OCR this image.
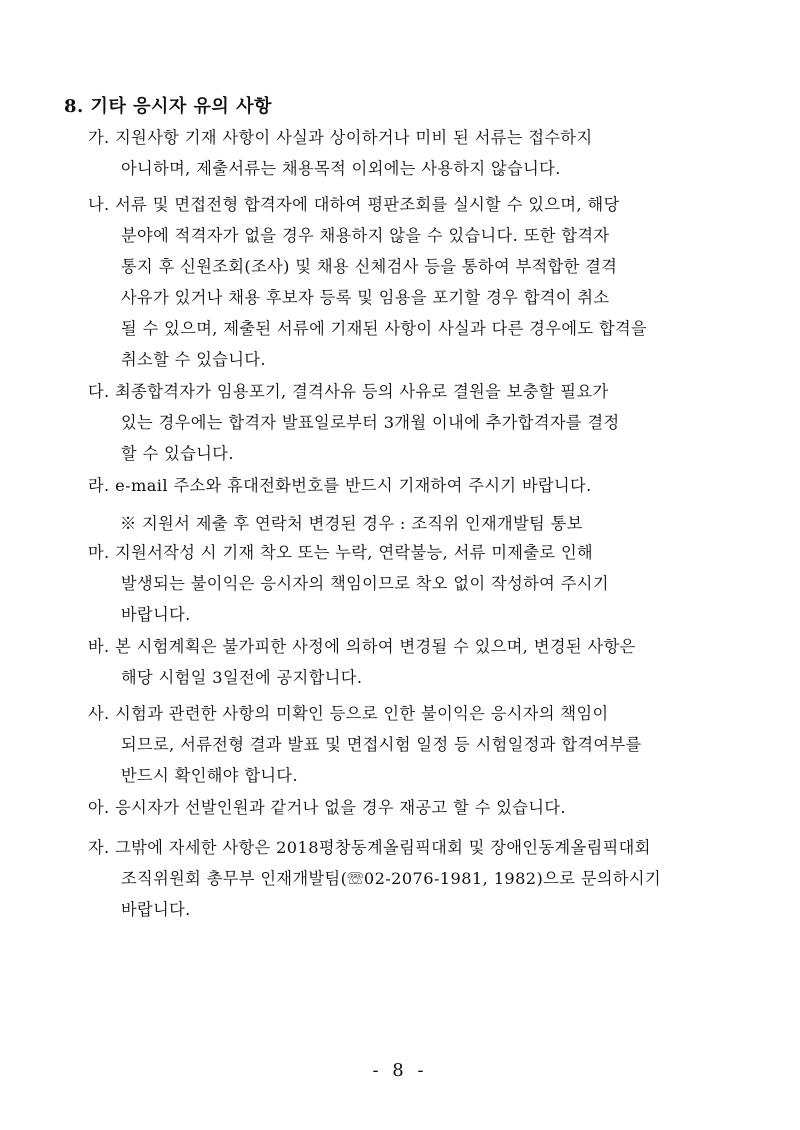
8. 기타 응시자 유의 사항
가. 지원사항 기재 사항이 사실과 상이하거나 미비 된 서류는 접수하지
아니하며, 제출서류는 채용목적 이외에는 사용하지 않습니다.
나. 서류 및 면접전형 합격자에 대하여 평판조회를 실시할 수 있으며, 해당
분야에 적격자가 없을 경우 채용하지 않을 수 있습니다. 또한 합격자
통지 후 신원조회(조사) 및 채용 신체검사 등을 통하여 부적합한 결격
사유가 있거나 채용 후보자 등록 및 임용을 포기할 경우 합격이 취소
될 수 있으며, 제출된 서류에 기재된 사항이 사실과 다른 경우에도 합격을
취소할 수 있습니다.
다. 최종합격자가 임용포기, 결격사유 등의 사유로 결원을 보충할 필요가
있는 경우에는 합격자 발표일로부터 3개월 이내에 추가합격자를 결정
할 수 있습니다.
라. e-mail 주소와 휴대전화번호를 반드시 기재하여 주시기 바랍니다.
※ 지원서 제출 후 연락처 변경된 경우 : 조직위 인재개발팀 통보
마. 지원서작성 시 기재 착오 또는 누락, 연락불능, 서류 미제출로 인해
발생되는 불이익은 응시자의 책임이므로 착오 없이 작성하여 주시기
바랍니다.
바. 본 시험계획은 불가피한 사정에 의하여 변경될 수 있으며, 변경된 사항은
해당 시험일 3일전에 공지합니다.
사. 시험과 관련한 사항의 미확인 등으로 인한 불이익은 응시자의 책임이
되므로, 서류전형 결과 발표 및 면접시험 일정 등 시험일정과 합격여부를
반드시 확인해야 합니다.
아. 응시자가 선발인원과 같거나 없을 경우 재공고 할 수 있습니다.
자. 그밖에 자세한 사항은 2018평창동계올림픽대회 및 장애인동계올림픽대회
조직위원회 총무부 인재개발팀(☏02-2076-1981, 1982)으로 문의하시기
바랍니다.
- 8 -
